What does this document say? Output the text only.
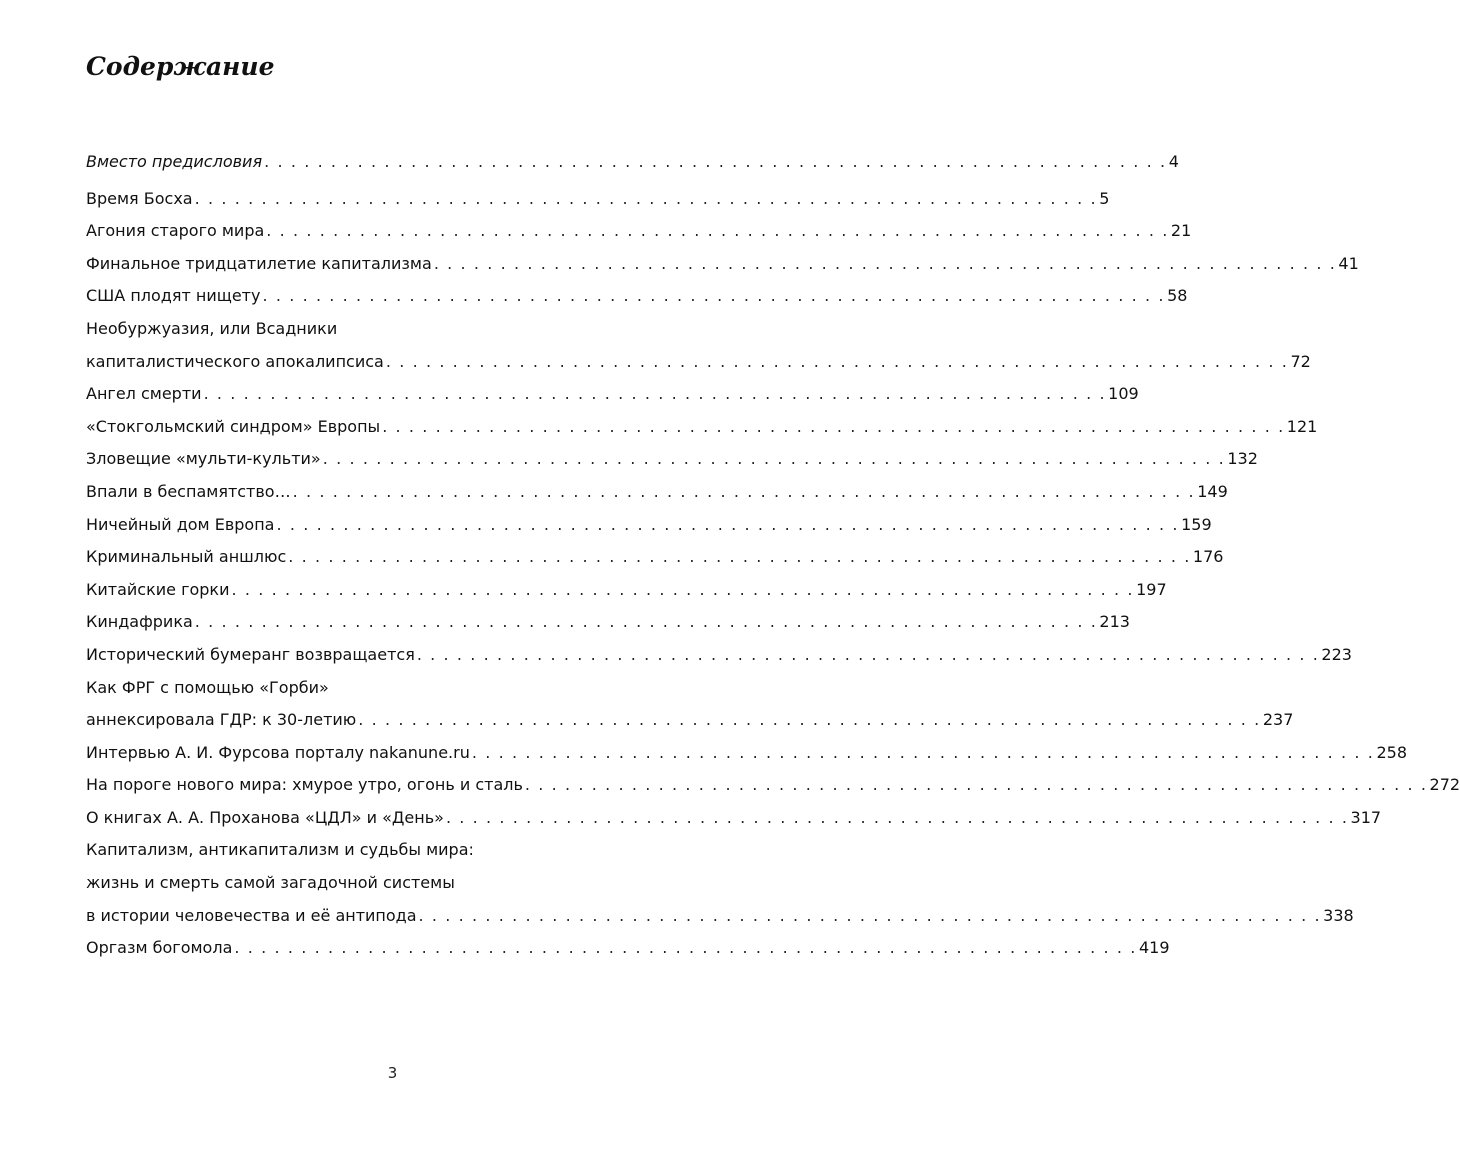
Содержание
Вместо предисловия . . . . . . . . . . . . . . . . . . . . . . . . . . . . . . . . . . . . . . . . . . . . . . . . . . . . . . . . . . . . . . . . . . . . 4
Время Босха . . . . . . . . . . . . . . . . . . . . . . . . . . . . . . . . . . . . . . . . . . . . . . . . . . . . . . . . . . . . . . . . . . . . 5
Агония старого мира . . . . . . . . . . . . . . . . . . . . . . . . . . . . . . . . . . . . . . . . . . . . . . . . . . . . . . . . . . . . . . . . . . . . 21
Финальное тридцатилетие капитализма . . . . . . . . . . . . . . . . . . . . . . . . . . . . . . . . . . . . . . . . . . . . . . . . . . . . . . . . . . . . . . . . . . . . 41
США плодят нищету . . . . . . . . . . . . . . . . . . . . . . . . . . . . . . . . . . . . . . . . . . . . . . . . . . . . . . . . . . . . . . . . . . . . 58
Необуржуазия, или Всадники
капиталистического апокалипсиса . . . . . . . . . . . . . . . . . . . . . . . . . . . . . . . . . . . . . . . . . . . . . . . . . . . . . . . . . . . . . . . . . . . . 72
Ангел смерти . . . . . . . . . . . . . . . . . . . . . . . . . . . . . . . . . . . . . . . . . . . . . . . . . . . . . . . . . . . . . . . . . . . . 109
«Стокгольмский синдром» Европы . . . . . . . . . . . . . . . . . . . . . . . . . . . . . . . . . . . . . . . . . . . . . . . . . . . . . . . . . . . . . . . . . . . . 121
Зловещие «мульти-культи» . . . . . . . . . . . . . . . . . . . . . . . . . . . . . . . . . . . . . . . . . . . . . . . . . . . . . . . . . . . . . . . . . . . . 132
Впали в беспамятство… . . . . . . . . . . . . . . . . . . . . . . . . . . . . . . . . . . . . . . . . . . . . . . . . . . . . . . . . . . . . . . . . . . . . 149
Ничейный дом Европа . . . . . . . . . . . . . . . . . . . . . . . . . . . . . . . . . . . . . . . . . . . . . . . . . . . . . . . . . . . . . . . . . . . . 159
Криминальный аншлюс . . . . . . . . . . . . . . . . . . . . . . . . . . . . . . . . . . . . . . . . . . . . . . . . . . . . . . . . . . . . . . . . . . . . 176
Китайские горки . . . . . . . . . . . . . . . . . . . . . . . . . . . . . . . . . . . . . . . . . . . . . . . . . . . . . . . . . . . . . . . . . . . . 197
Киндафрика . . . . . . . . . . . . . . . . . . . . . . . . . . . . . . . . . . . . . . . . . . . . . . . . . . . . . . . . . . . . . . . . . . . . 213
Исторический бумеранг возвращается . . . . . . . . . . . . . . . . . . . . . . . . . . . . . . . . . . . . . . . . . . . . . . . . . . . . . . . . . . . . . . . . . . . . 223
Как ФРГ с помощью «Горби»
аннексировала ГДР: к 30-летию . . . . . . . . . . . . . . . . . . . . . . . . . . . . . . . . . . . . . . . . . . . . . . . . . . . . . . . . . . . . . . . . . . . . 237
Интервью А. И. Фурсова порталу nakanune.ru . . . . . . . . . . . . . . . . . . . . . . . . . . . . . . . . . . . . . . . . . . . . . . . . . . . . . . . . . . . . . . . . . . . . 258
На пороге нового мира: хмурое утро, огонь и сталь . . . . . . . . . . . . . . . . . . . . . . . . . . . . . . . . . . . . . . . . . . . . . . . . . . . . . . . . . . . . . . . . . . . . 272
О книгах А. А. Проханова «ЦДЛ» и «День» . . . . . . . . . . . . . . . . . . . . . . . . . . . . . . . . . . . . . . . . . . . . . . . . . . . . . . . . . . . . . . . . . . . . 317
Капитализм, антикапитализм и судьбы мира:
жизнь и смерть самой загадочной системы
в истории человечества и её антипода . . . . . . . . . . . . . . . . . . . . . . . . . . . . . . . . . . . . . . . . . . . . . . . . . . . . . . . . . . . . . . . . . . . . 338
Оргазм богомола . . . . . . . . . . . . . . . . . . . . . . . . . . . . . . . . . . . . . . . . . . . . . . . . . . . . . . . . . . . . . . . . . . . . 419
3
